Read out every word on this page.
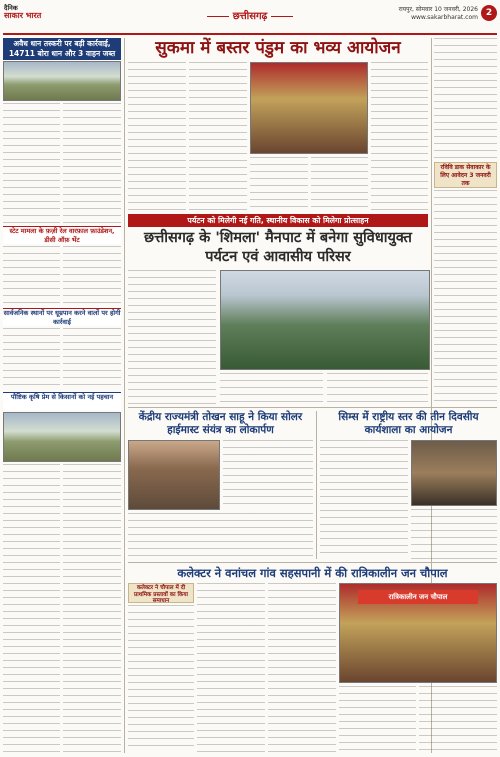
दैनिक
साकार भारत	छत्तीसगढ़
रायपुर, सोमवार 10 जनवरी, 2026
www.sakarbharat.com 2
अवैध धान तस्करी पर बड़ी कार्रवाई, 14711 बोरा धान और 3 वाहन जब्त
स्टेट मामला के फ़ज़ी रेल वारफ़ाल फ़ाउंडेशन, डीसी ऑफ़ भेंट
सार्वजनिक स्थानों पर धूम्रपान करने वालों पर होगी कार्रवाई
पौष्टिक कृषि प्रेम से किसानों को नई पहचान
सुकमा में बस्तर पंडुम का भव्य आयोजन
रविवि डाक सेवाकार के लिए आवेदन 3 जनवरी तक
पर्यटन को मिलेगी नई गति, स्थानीय विकास को मिलेगा प्रोत्साहन
छत्तीसगढ़ के 'शिमला' मैनपाट में बनेगा सुविधायुक्त पर्यटन एवं आवासीय परिसर
केंद्रीय राज्यमंत्री तोखन साहू ने किया सोलर हाईमास्ट संयंत्र का लोकार्पण
सिम्स में राष्ट्रीय स्तर की तीन दिवसीय कार्यशाला का आयोजन
कलेक्टर ने वनांचल गांव सहसपानी में की रात्रिकालीन जन चौपाल
कलेक्टर ने चौपाल में दी प्राथमिक प्रस्तावों का किया समाधान	रात्रिकालीन जन चौपाल
